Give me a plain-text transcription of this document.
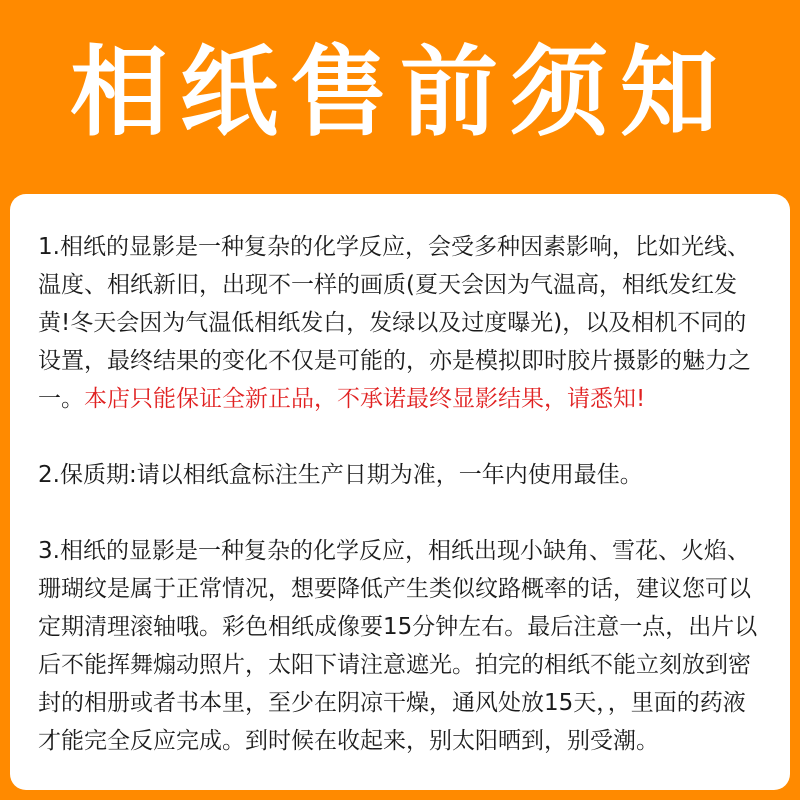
相纸售前须知

1.相纸的显影是一种复杂的化学反应，会受多种因素影响，比如光线、温度、相纸新旧，出现不一样的画质(夏天会因为气温高，相纸发红发黄!冬天会因为气温低相纸发白，发绿以及过度曝光)，以及相机不同的设置，最终结果的变化不仅是可能的，亦是模拟即时胶片摄影的魅力之一。本店只能保证全新正品，不承诺最终显影结果，请悉知!

2.保质期:请以相纸盒标注生产日期为准，一年内使用最佳。

3.相纸的显影是一种复杂的化学反应，相纸出现小缺角、雪花、火焰、珊瑚纹是属于正常情况，想要降低产生类似纹路概率的话，建议您可以定期清理滚轴哦。彩色相纸成像要15分钟左右。最后注意一点，出片以后不能挥舞煽动照片，太阳下请注意遮光。拍完的相纸不能立刻放到密封的相册或者书本里，至少在阴凉干燥，通风处放15天，，里面的药液才能完全反应完成。到时候在收起来，别太阳晒到，别受潮。
